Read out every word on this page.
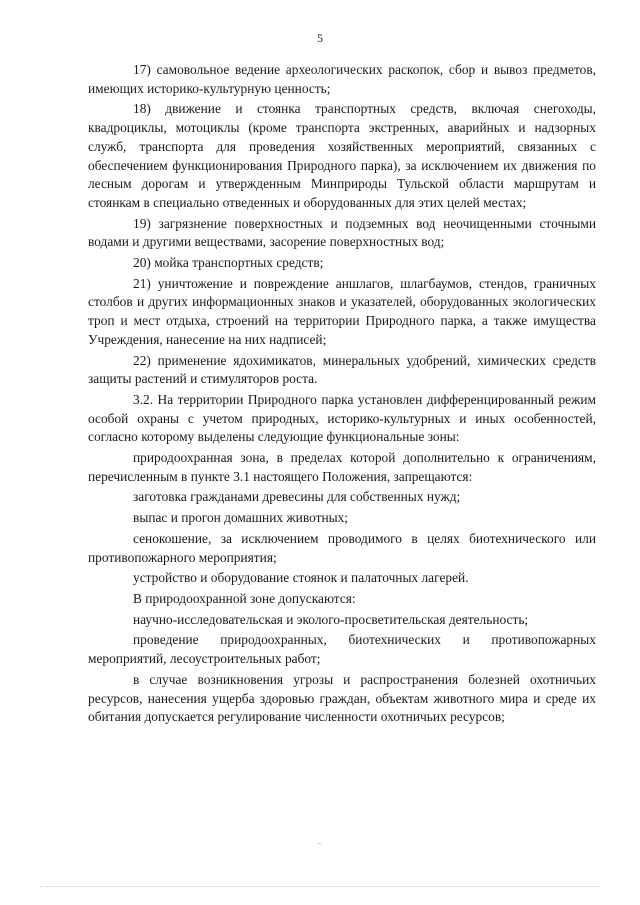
5

17) самовольное ведение археологических раскопок, сбор и вывоз предметов, имеющих историко-культурную ценность;

18) движение и стоянка транспортных средств, включая снегоходы, квадроциклы, мотоциклы (кроме транспорта экстренных, аварийных и надзорных служб, транспорта для проведения хозяйственных мероприятий, связанных с обеспечением функционирования Природного парка), за исключением их движения по лесным дорогам и утвержденным Минприроды Тульской области маршрутам и стоянкам в специально отведенных и оборудованных для этих целей местах;

19) загрязнение поверхностных и подземных вод неочищенными сточными водами и другими веществами, засорение поверхностных вод;

20) мойка транспортных средств;

21) уничтожение и повреждение аншлагов, шлагбаумов, стендов, граничных столбов и других информационных знаков и указателей, оборудованных экологических троп и мест отдыха, строений на территории Природного парка, а также имущества Учреждения, нанесение на них надписей;

22) применение ядохимикатов, минеральных удобрений, химических средств защиты растений и стимуляторов роста.

3.2. На территории Природного парка установлен дифференцированный режим особой охраны с учетом природных, историко-культурных и иных особенностей, согласно которому выделены следующие функциональные зоны:

природоохранная зона, в пределах которой дополнительно к ограничениям, перечисленным в пункте 3.1 настоящего Положения, запрещаются:

заготовка гражданами древесины для собственных нужд;

выпас и прогон домашних животных;

сенокошение, за исключением проводимого в целях биотехнического или противопожарного мероприятия;

устройство и оборудование стоянок и палаточных лагерей.

В природоохранной зоне допускаются:

научно-исследовательская и эколого-просветительская деятельность;

проведение природоохранных, биотехнических и противопожарных мероприятий, лесоустроительных работ;

в случае возникновения угрозы и распространения болезней охотничьих ресурсов, нанесения ущерба здоровью граждан, объектам животного мира и среде их обитания допускается регулирование численности охотничьих ресурсов;
